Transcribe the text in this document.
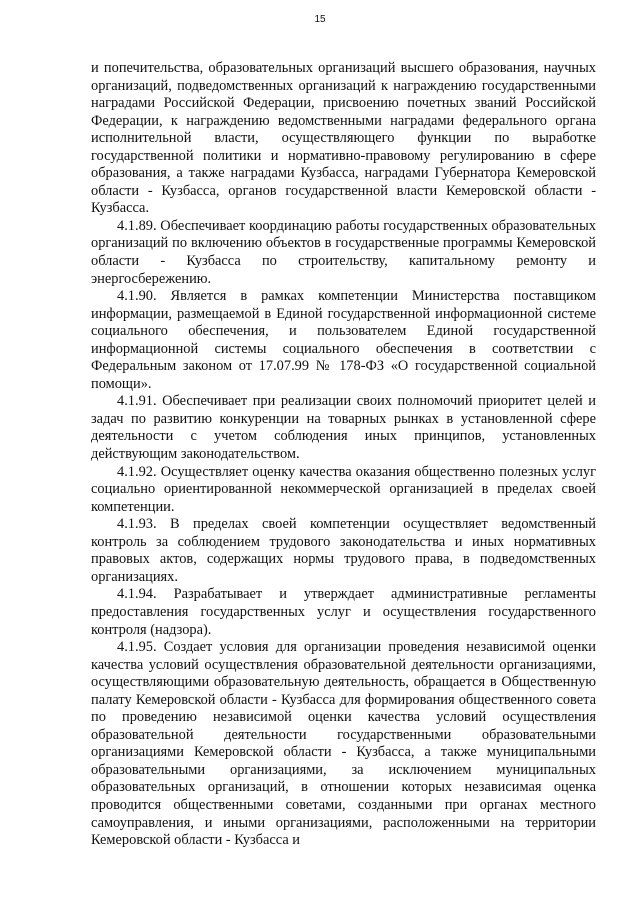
15

и попечительства, образовательных организаций высшего образования, научных организаций, подведомственных организаций к награждению государственными наградами Российской Федерации, присвоению почетных званий Российской Федерации, к награждению ведомственными наградами федерального органа исполнительной власти, осуществляющего функции по выработке государственной политики и нормативно-правовому регулированию в сфере образования, а также наградами Кузбасса, наградами Губернатора Кемеровской области - Кузбасса, органов государственной власти Кемеровской области - Кузбасса.

4.1.89. Обеспечивает координацию работы государственных образовательных организаций по включению объектов в государственные программы Кемеровской области - Кузбасса по строительству, капитальному ремонту и энергосбережению.

4.1.90. Является в рамках компетенции Министерства поставщиком информации, размещаемой в Единой государственной информационной системе социального обеспечения, и пользователем Единой государственной информационной системы социального обеспечения в соответствии с Федеральным законом от 17.07.99 № 178-ФЗ «О государственной социальной помощи».

4.1.91. Обеспечивает при реализации своих полномочий приоритет целей и задач по развитию конкуренции на товарных рынках в установленной сфере деятельности с учетом соблюдения иных принципов, установленных действующим законодательством.

4.1.92. Осуществляет оценку качества оказания общественно полезных услуг социально ориентированной некоммерческой организацией в пределах своей компетенции.

4.1.93. В пределах своей компетенции осуществляет ведомственный контроль за соблюдением трудового законодательства и иных нормативных правовых актов, содержащих нормы трудового права, в подведомственных организациях.

4.1.94. Разрабатывает и утверждает административные регламенты предоставления государственных услуг и осуществления государственного контроля (надзора).

4.1.95. Создает условия для организации проведения независимой оценки качества условий осуществления образовательной деятельности организациями, осуществляющими образовательную деятельность, обращается в Общественную палату Кемеровской области - Кузбасса для формирования общественного совета по проведению независимой оценки качества условий осуществления образовательной деятельности государственными образовательными организациями Кемеровской области - Кузбасса, а также муниципальными образовательными организациями, за исключением муниципальных образовательных организаций, в отношении которых независимая оценка проводится общественными советами, созданными при органах местного самоуправления, и иными организациями, расположенными на территории Кемеровской области - Кузбасса и
